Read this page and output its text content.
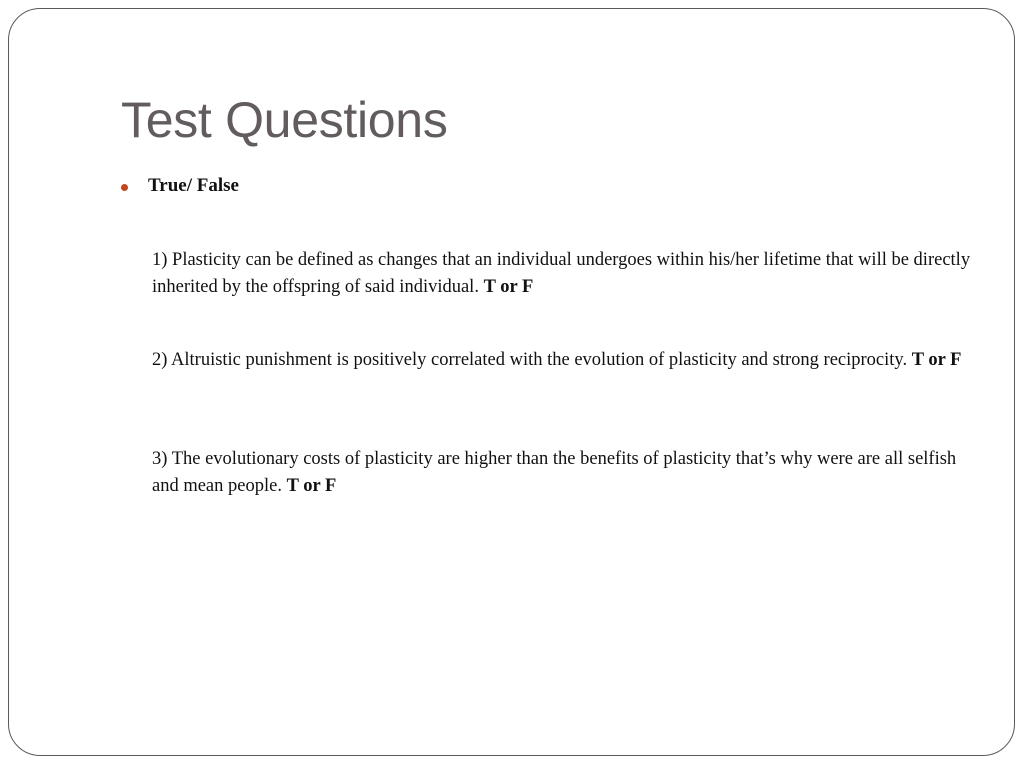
Test Questions
True/ False

1) Plasticity can be defined as changes that an individual undergoes within his/her lifetime that will be directly inherited by the offspring of said individual. T or F

2) Altruistic punishment is positively correlated with the evolution of plasticity and strong reciprocity. T or F

3) The evolutionary costs of plasticity are higher than the benefits of plasticity that’s why were are all selfish and mean people. T or F
